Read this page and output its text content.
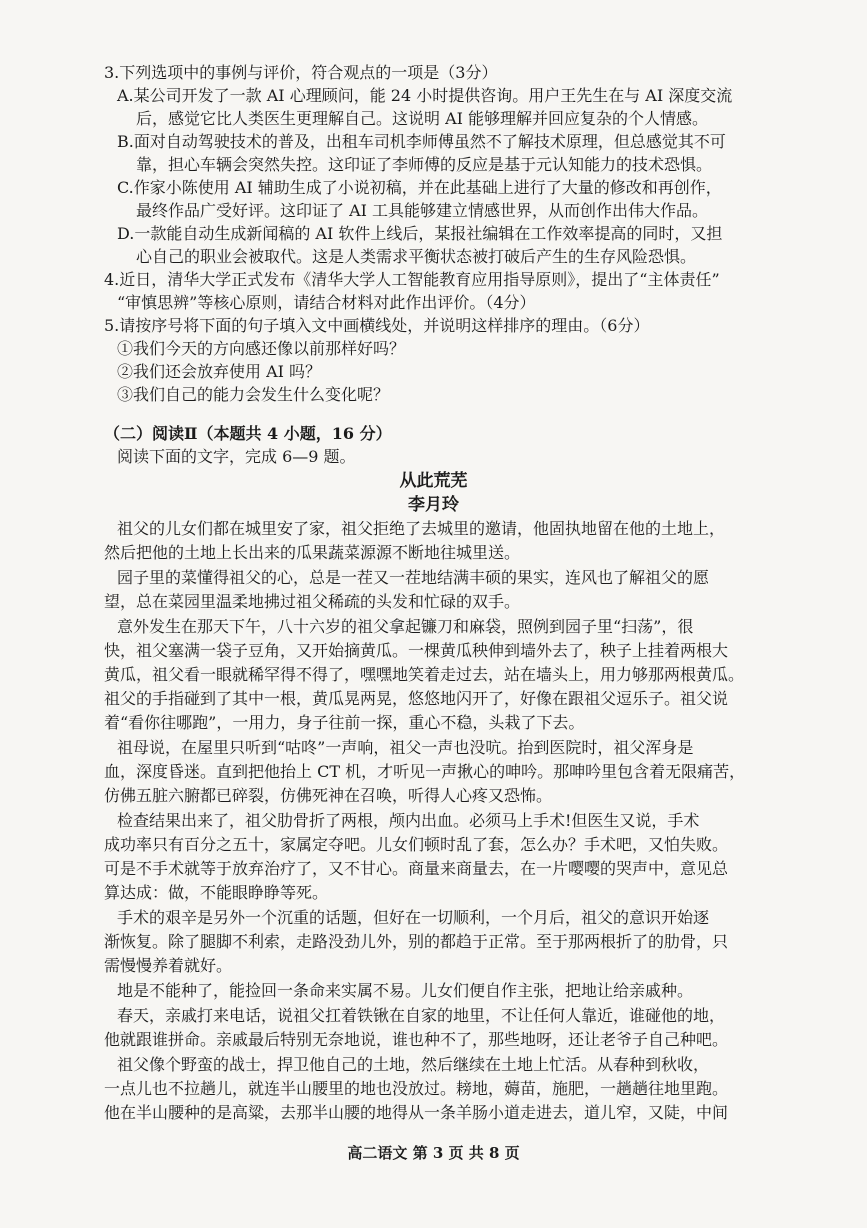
3.下列选项中的事例与评价，符合观点的一项是（3分）
A.某公司开发了一款 AI 心理顾问，能 24 小时提供咨询。用户王先生在与 AI 深度交流
后，感觉它比人类医生更理解自己。这说明 AI 能够理解并回应复杂的个人情感。
B.面对自动驾驶技术的普及，出租车司机李师傅虽然不了解技术原理，但总感觉其不可
靠，担心车辆会突然失控。这印证了李师傅的反应是基于元认知能力的技术恐惧。
C.作家小陈使用 AI 辅助生成了小说初稿，并在此基础上进行了大量的修改和再创作，
最终作品广受好评。这印证了 AI 工具能够建立情感世界，从而创作出伟大作品。
D.一款能自动生成新闻稿的 AI 软件上线后，某报社编辑在工作效率提高的同时，又担
心自己的职业会被取代。这是人类需求平衡状态被打破后产生的生存风险恐惧。
4.近日，清华大学正式发布《清华大学人工智能教育应用指导原则》，提出了“主体责任”
“审慎思辨”等核心原则，请结合材料对此作出评价。（4分）
5.请按序号将下面的句子填入文中画横线处，并说明这样排序的理由。（6分）
①我们今天的方向感还像以前那样好吗？
②我们还会放弃使用 AI 吗？
③我们自己的能力会发生什么变化呢？
（二）阅读Ⅱ（本题共 4 小题，16 分）
阅读下面的文字，完成 6—9 题。
从此荒芜
李月玲
祖父的儿女们都在城里安了家，祖父拒绝了去城里的邀请，他固执地留在他的土地上，
然后把他的土地上长出来的瓜果蔬菜源源不断地往城里送。
园子里的菜懂得祖父的心，总是一茬又一茬地结满丰硕的果实，连风也了解祖父的愿
望，总在菜园里温柔地拂过祖父稀疏的头发和忙碌的双手。
意外发生在那天下午，八十六岁的祖父拿起镰刀和麻袋，照例到园子里“扫荡”，很
快，祖父塞满一袋子豆角，又开始摘黄瓜。一棵黄瓜秧伸到墙外去了，秧子上挂着两根大
黄瓜，祖父看一眼就稀罕得不得了，嘿嘿地笑着走过去，站在墙头上，用力够那两根黄瓜。
祖父的手指碰到了其中一根，黄瓜晃两晃，悠悠地闪开了，好像在跟祖父逗乐子。祖父说
着“看你往哪跑”，一用力，身子往前一探，重心不稳，头栽了下去。
祖母说，在屋里只听到“咕咚”一声响，祖父一声也没吭。抬到医院时，祖父浑身是
血，深度昏迷。直到把他抬上 CT 机，才听见一声揪心的呻吟。那呻吟里包含着无限痛苦，
仿佛五脏六腑都已碎裂，仿佛死神在召唤，听得人心疼又恐怖。
检查结果出来了，祖父肋骨折了两根，颅内出血。必须马上手术!但医生又说，手术
成功率只有百分之五十，家属定夺吧。儿女们顿时乱了套，怎么办？手术吧，又怕失败。
可是不手术就等于放弃治疗了，又不甘心。商量来商量去，在一片嘤嘤的哭声中，意见总
算达成：做，不能眼睁睁等死。
手术的艰辛是另外一个沉重的话题，但好在一切顺利，一个月后，祖父的意识开始逐
渐恢复。除了腿脚不利索，走路没劲儿外，别的都趋于正常。至于那两根折了的肋骨，只
需慢慢养着就好。
地是不能种了，能捡回一条命来实属不易。儿女们便自作主张，把地让给亲戚种。
春天，亲戚打来电话，说祖父扛着铁锹在自家的地里，不让任何人靠近，谁碰他的地，
他就跟谁拼命。亲戚最后特别无奈地说，谁也种不了，那些地呀，还让老爷子自己种吧。
祖父像个野蛮的战士，捍卫他自己的土地，然后继续在土地上忙活。从春种到秋收，
一点儿也不拉趟儿，就连半山腰里的地也没放过。耪地，薅苗，施肥，一趟趟往地里跑。
他在半山腰种的是高粱，去那半山腰的地得从一条羊肠小道走进去，道儿窄，又陡，中间
高二语文 第 3 页 共 8 页
